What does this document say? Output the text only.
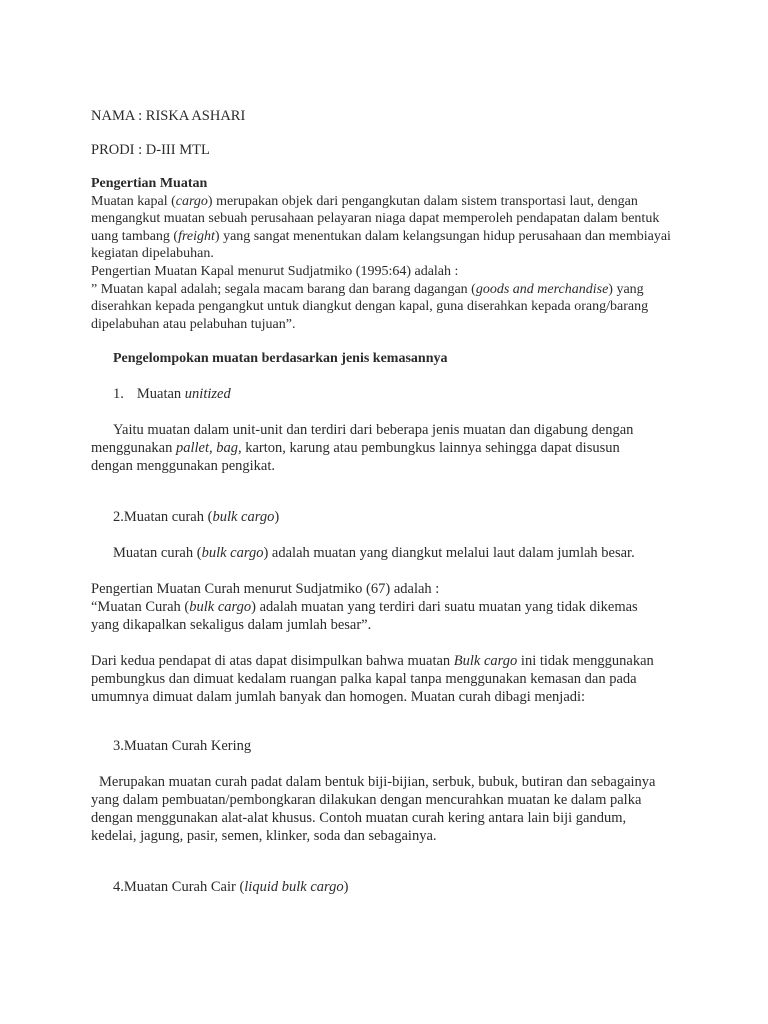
NAMA : RISKA ASHARI
PRODI : D-III MTL
Pengertian Muatan
Muatan kapal (cargo) merupakan objek dari pengangkutan dalam sistem transportasi laut, dengan
mengangkut muatan sebuah perusahaan pelayaran niaga dapat memperoleh pendapatan dalam bentuk
uang tambang (freight) yang sangat menentukan dalam kelangsungan hidup perusahaan dan membiayai
kegiatan dipelabuhan.
Pengertian Muatan Kapal menurut Sudjatmiko (1995:64) adalah :
” Muatan kapal adalah; segala macam barang dan barang dagangan (goods and merchandise) yang
diserahkan kepada pengangkut untuk diangkut dengan kapal, guna diserahkan kepada orang/barang
dipelabuhan atau pelabuhan tujuan”.
Pengelompokan muatan berdasarkan jenis kemasannya
1. Muatan unitized
Yaitu muatan dalam unit-unit dan terdiri dari beberapa jenis muatan dan digabung dengan
menggunakan pallet, bag, karton, karung atau pembungkus lainnya sehingga dapat disusun
dengan menggunakan pengikat.
2.Muatan curah (bulk cargo)
Muatan curah (bulk cargo) adalah muatan yang diangkut melalui laut dalam jumlah besar.
Pengertian Muatan Curah menurut Sudjatmiko (67) adalah :
“Muatan Curah (bulk cargo) adalah muatan yang terdiri dari suatu muatan yang tidak dikemas
yang dikapalkan sekaligus dalam jumlah besar”.
Dari kedua pendapat di atas dapat disimpulkan bahwa muatan Bulk cargo ini tidak menggunakan
pembungkus dan dimuat kedalam ruangan palka kapal tanpa menggunakan kemasan dan pada
umumnya dimuat dalam jumlah banyak dan homogen. Muatan curah dibagi menjadi:
3.Muatan Curah Kering
Merupakan muatan curah padat dalam bentuk biji-bijian, serbuk, bubuk, butiran dan sebagainya
yang dalam pembuatan/pembongkaran dilakukan dengan mencurahkan muatan ke dalam palka
dengan menggunakan alat-alat khusus. Contoh muatan curah kering antara lain biji gandum,
kedelai, jagung, pasir, semen, klinker, soda dan sebagainya.
4.Muatan Curah Cair (liquid bulk cargo)
